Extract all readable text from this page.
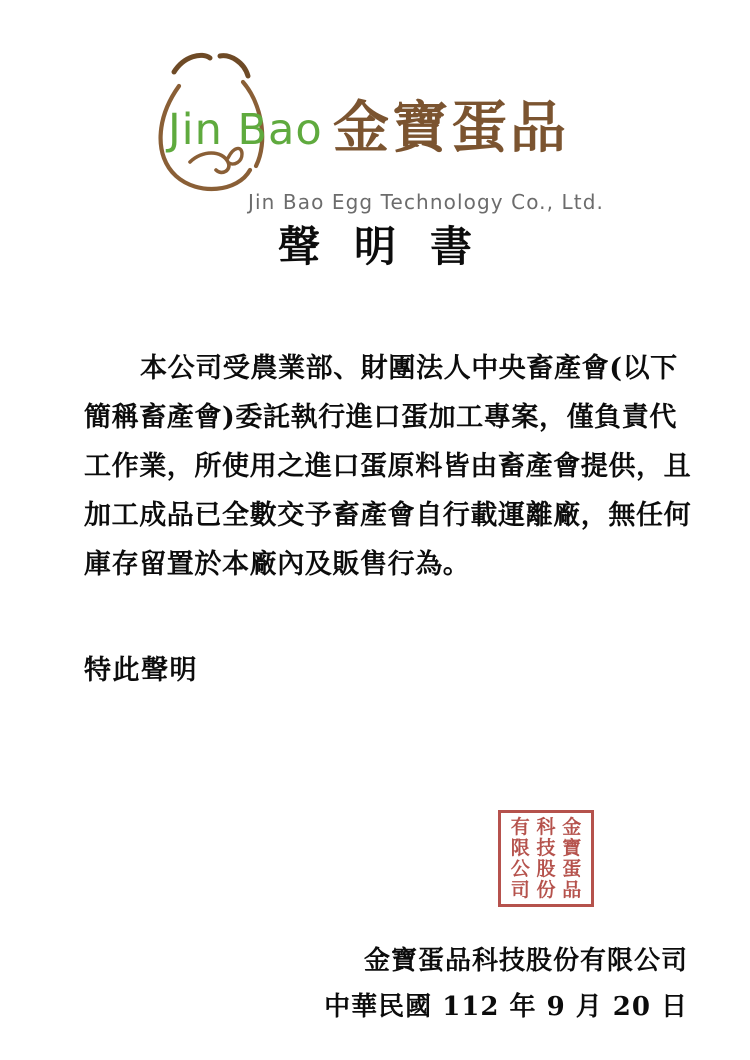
Jin Bao 金寶蛋品
Jin Bao Egg Technology Co., Ltd.
聲明書
本公司受農業部、財團法人中央畜產會(以下
簡稱畜產會)委託執行進口蛋加工專案，僅負責代
工作業，所使用之進口蛋原料皆由畜產會提供，且
加工成品已全數交予畜產會自行載運離廠，無任何
庫存留置於本廠內及販售行為。
特此聲明
金
寶
蛋
品
科
技
股
份
有
限
公
司
金寶蛋品科技股份有限公司
中華民國 112 年 9 月 20 日
